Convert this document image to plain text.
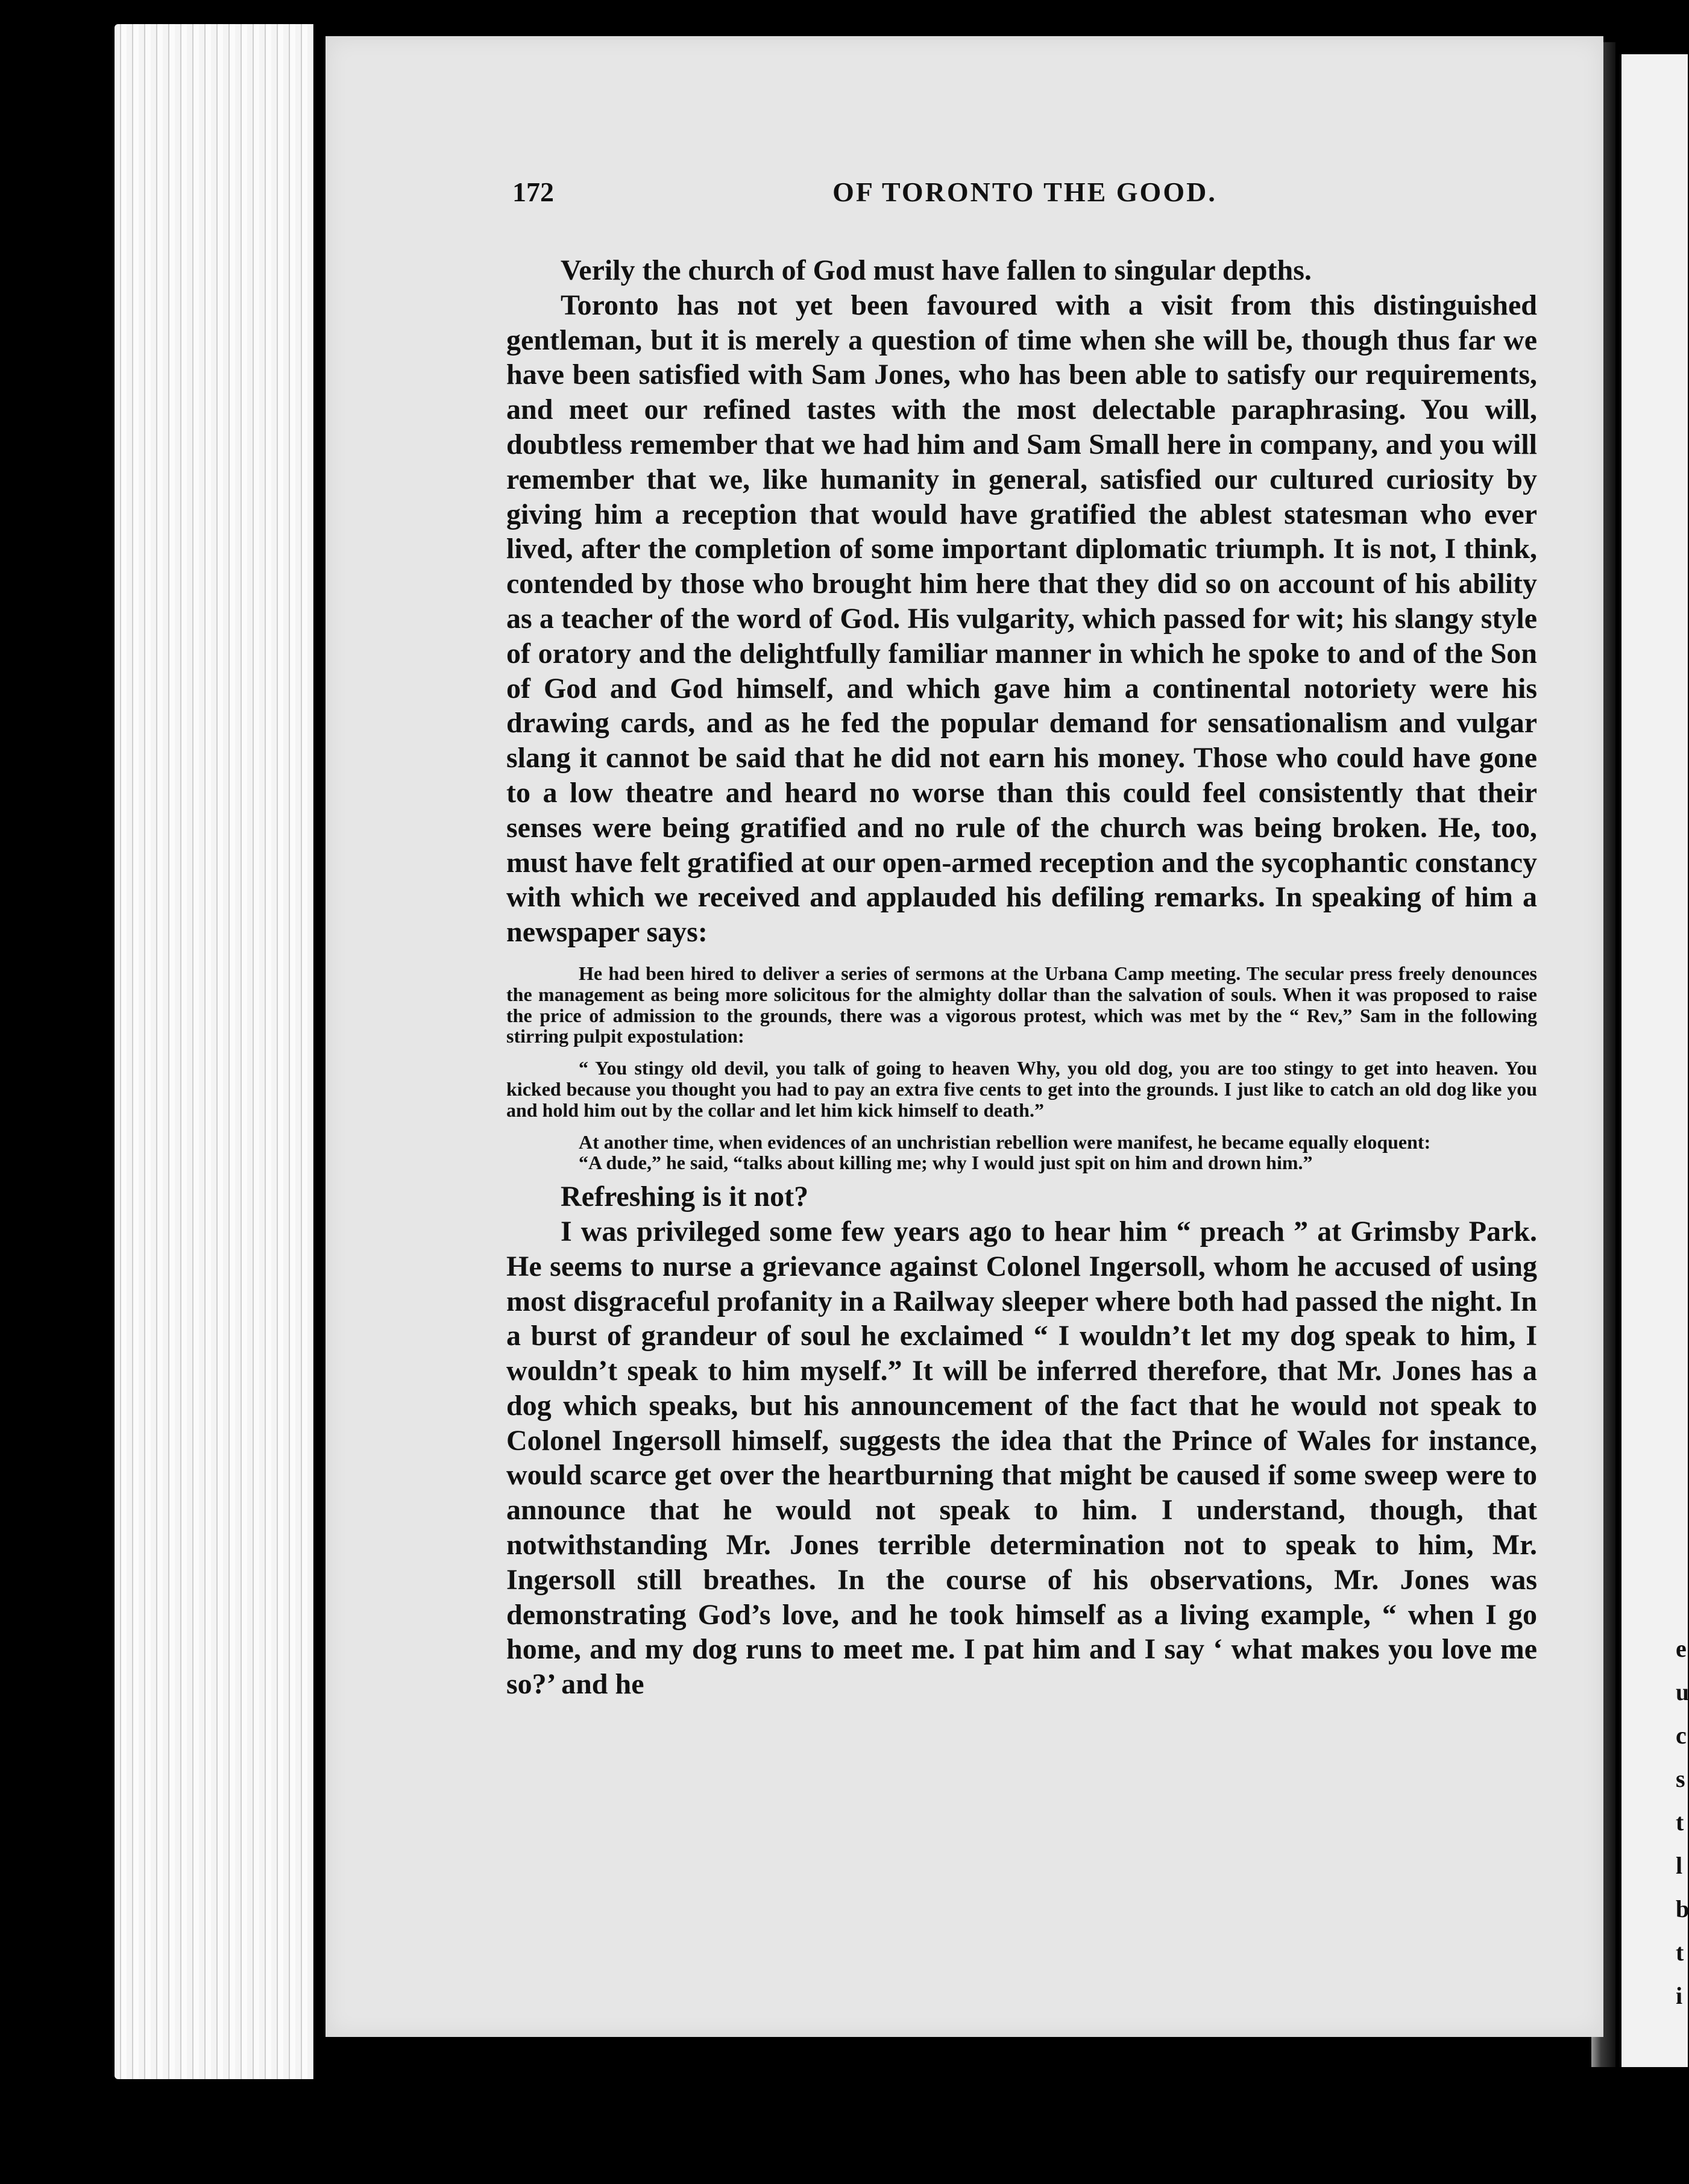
e
u
c
s
t
l
b
t
i
172	OF TORONTO THE GOOD.

Verily the church of God must have fallen to singular depths.

Toronto has not yet been favoured with a visit from this distinguished gentleman, but it is merely a question of time when she will be, though thus far we have been satisfied with Sam Jones, who has been able to satisfy our requirements, and meet our refined tastes with the most delectable paraphrasing. You will, doubtless remember that we had him and Sam Small here in company, and you will remember that we, like humanity in general, satisfied our cultured curiosity by giving him a reception that would have gratified the ablest statesman who ever lived, after the completion of some important diplomatic triumph. It is not, I think, contended by those who brought him here that they did so on account of his ability as a teacher of the word of God. His vulgarity, which passed for wit; his slangy style of oratory and the delightfully familiar manner in which he spoke to and of the Son of God and God himself, and which gave him a continental notoriety were his drawing cards, and as he fed the popular demand for sensationalism and vulgar slang it cannot be said that he did not earn his money. Those who could have gone to a low theatre and heard no worse than this could feel consistently that their senses were being gratified and no rule of the church was being broken. He, too, must have felt gratified at our open-armed reception and the sycophantic constancy with which we received and applauded his defiling remarks. In speaking of him a newspaper says:

He had been hired to deliver a series of sermons at the Urbana Camp meeting. The secular press freely denounces the management as being more solicitous for the almighty dollar than the salvation of souls. When it was proposed to raise the price of admission to the grounds, there was a vigorous protest, which was met by the “ Rev,” Sam in the following stirring pulpit expostulation:

“ You stingy old devil, you talk of going to heaven Why, you old dog, you are too stingy to get into heaven. You kicked because you thought you had to pay an extra five cents to get into the grounds. I just like to catch an old dog like you and hold him out by the collar and let him kick himself to death.”

At another time, when evidences of an unchristian rebellion were manifest, he became equally eloquent:

“A dude,” he said, “talks about killing me; why I would just spit on him and drown him.”

Refreshing is it not?

I was privileged some few years ago to hear him “ preach ” at Grimsby Park. He seems to nurse a grievance against Colonel Ingersoll, whom he accused of using most disgraceful profanity in a Railway sleeper where both had passed the night. In a burst of grandeur of soul he exclaimed “ I wouldn’t let my dog speak to him, I wouldn’t speak to him myself.” It will be inferred therefore, that Mr. Jones has a dog which speaks, but his announcement of the fact that he would not speak to Colonel Ingersoll himself, suggests the idea that the Prince of Wales for instance, would scarce get over the heartburning that might be caused if some sweep were to announce that he would not speak to him. I understand, though, that notwithstanding Mr. Jones terrible determination not to speak to him, Mr. Ingersoll still breathes. In the course of his observations, Mr. Jones was demonstrating God’s love, and he took himself as a living example, “ when I go home, and my dog runs to meet me. I pat him and I say ‘ what makes you love me so?’ and he
